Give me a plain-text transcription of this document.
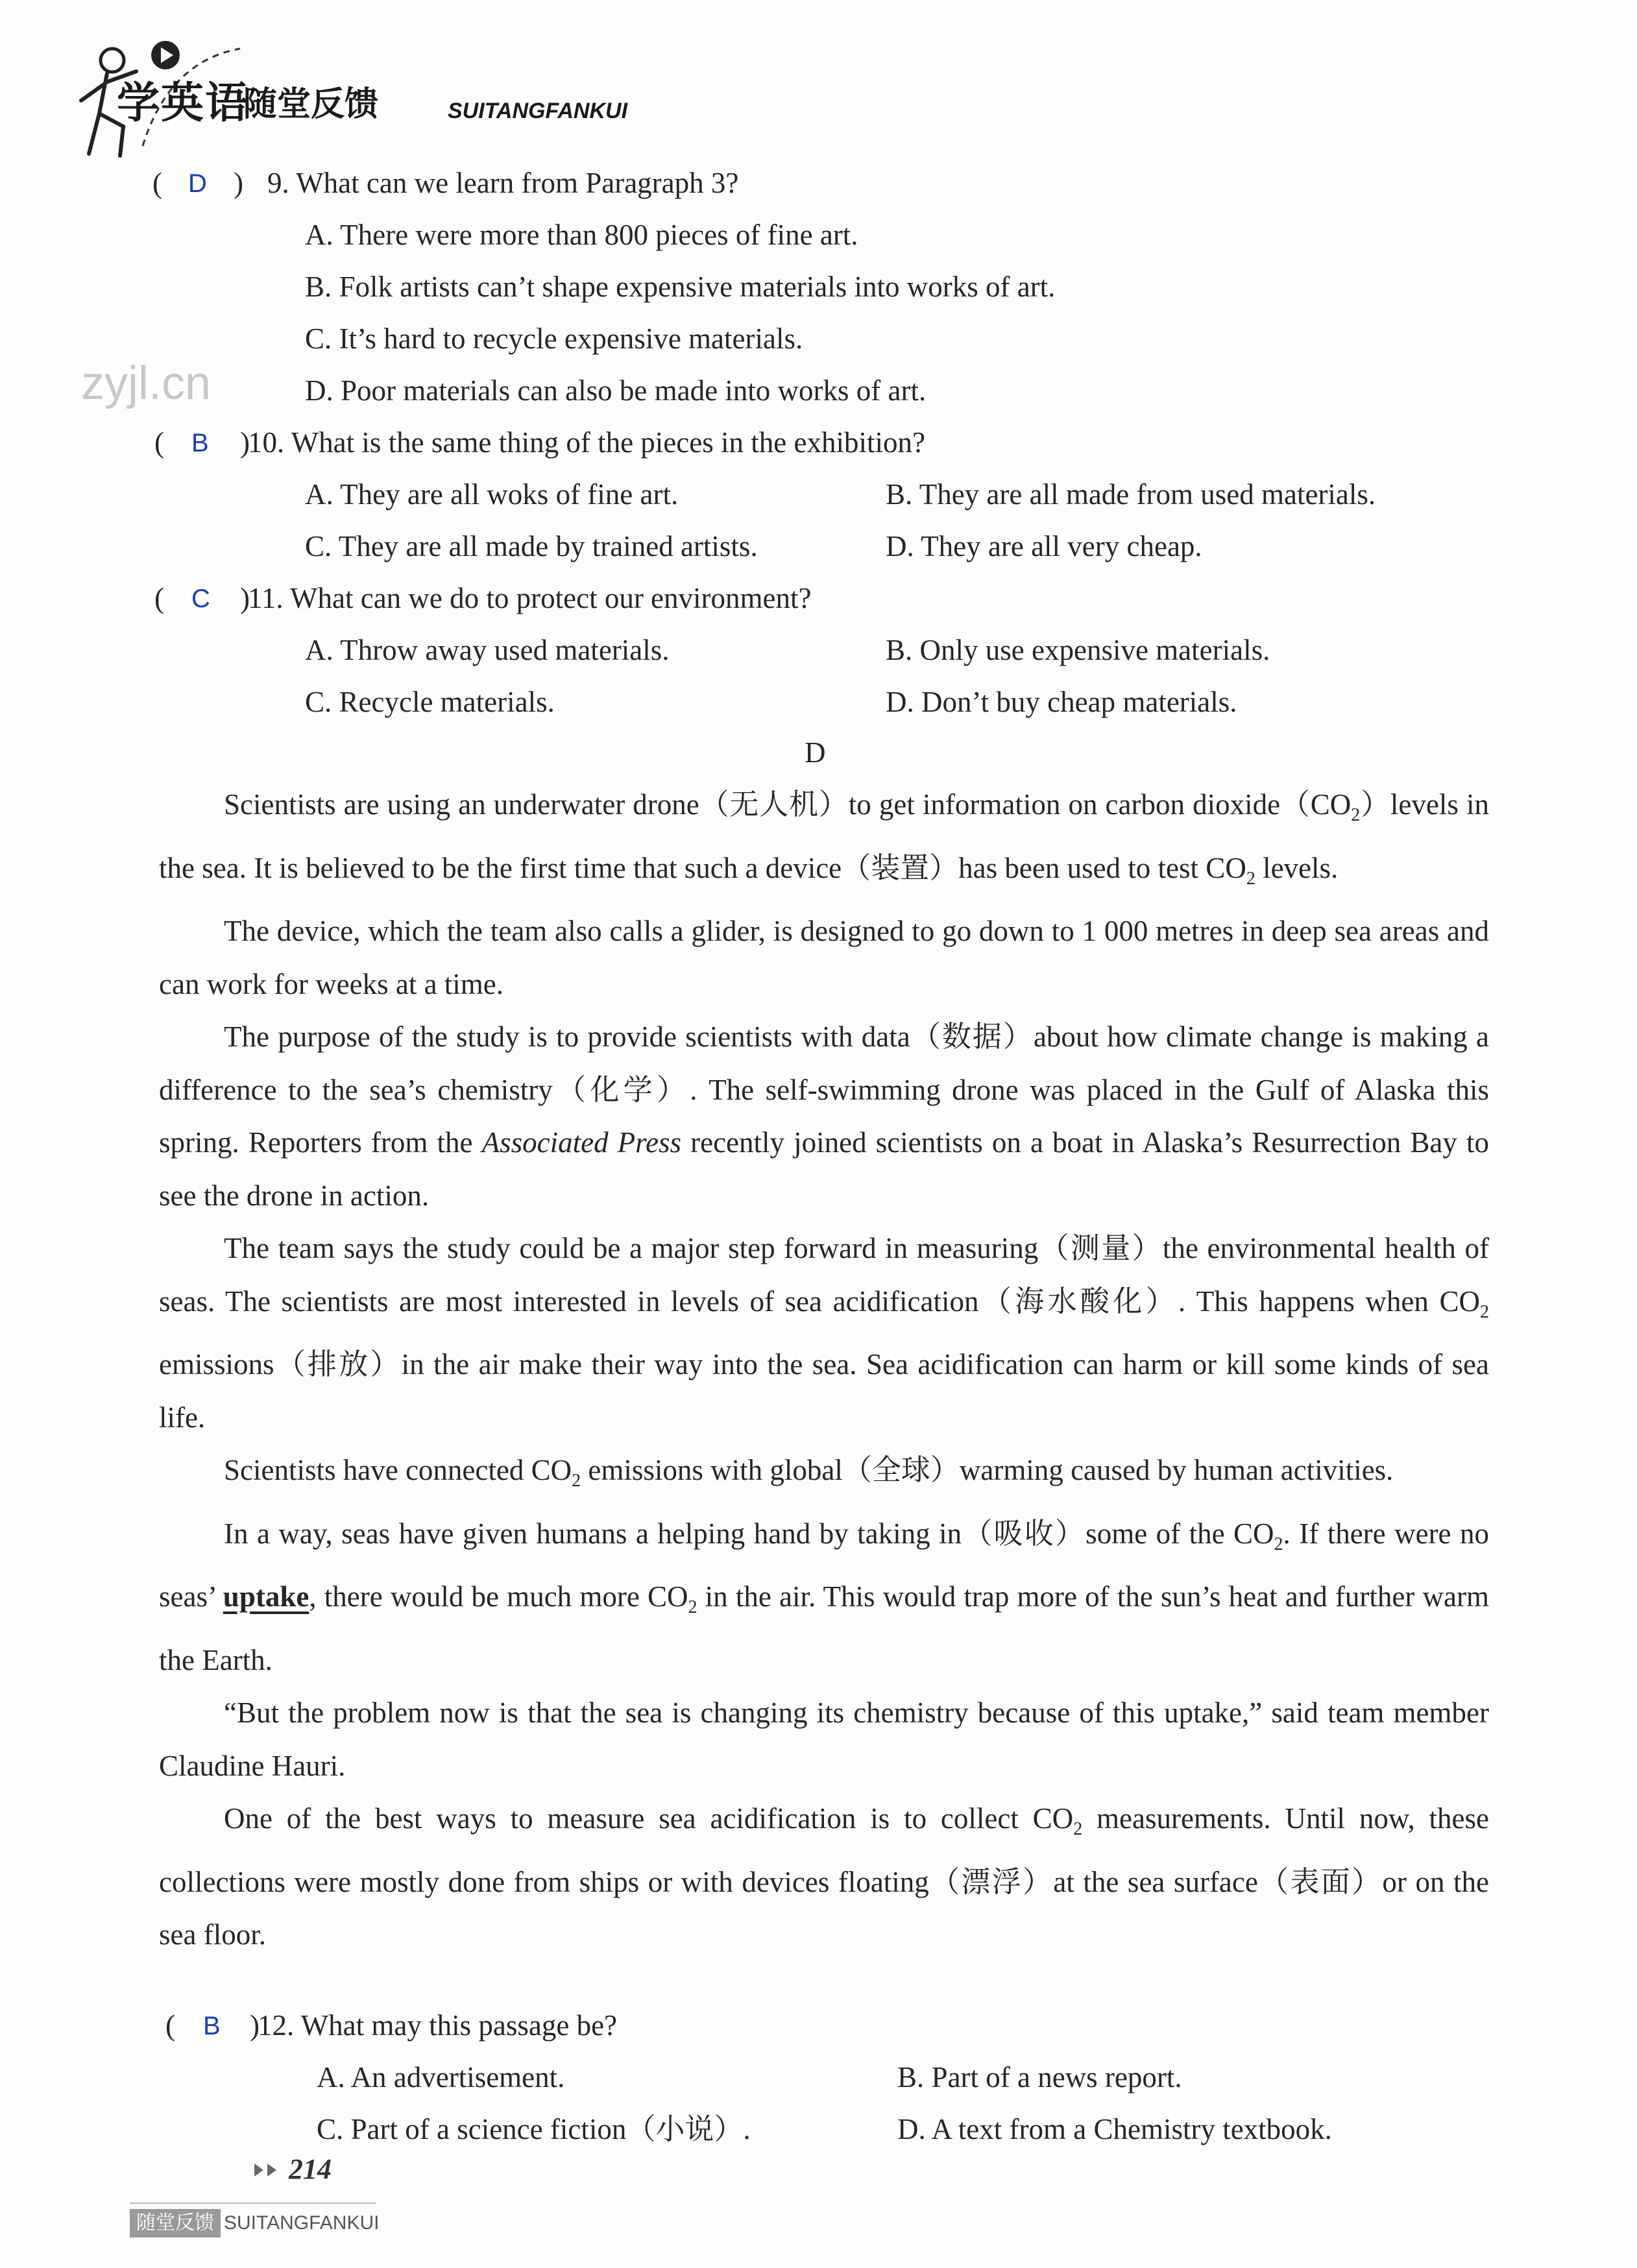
学英语
随堂反馈	SUITANGFANKUI
zyjl.cn
( D ) 9. What can we learn from Paragraph 3?
A. There were more than 800 pieces of fine art.
B. Folk artists can’t shape expensive materials into works of art.
C. It’s hard to recycle expensive materials.
D. Poor materials can also be made into works of art.
( B )
10. What is the same thing of the pieces in the exhibition?
A. They are all woks of fine art.	B. They are all made from used materials.
C. They are all made by trained artists.	D. They are all very cheap.
( C )
11. What can we do to protect our environment?
A. Throw away used materials.	B. Only use expensive materials.
C. Recycle materials.	D. Don’t buy cheap materials.
D

Scientists are using an underwater drone（无人机）to get information on carbon $dioxide(CO_2)levels$ in the sea. It is believed to be the first time that such a device（装置）has been used to test $CO_2$ levels.

The device, which the team also calls a glider, is designed to go down to 1 000 metres in deep sea areas and can work for weeks at a time.

The purpose of the study is to provide scientists with data（数据）about how climate change is making a difference to the sea’s chemistry（化学）. The self-swimming drone was placed in the Gulf of Alaska this spring. Reporters from the Associated Press recently joined scientists on a boat in Alaska’s Resurrection Bay to see the drone in action.

The team says the study could be a major step forward in measuring（测量）the environmental health of seas. The scientists are most interested in levels of sea acidification（海水酸化）. This happens when $CO_2$ emissions（排放）in the air make their way into the sea. Sea acidification can harm or kill some kinds of sea life.

Scientists have connected $CO_2$ emissions with global（全球）warming caused by human activities.

In a way, seas have given humans a helping hand by taking in（吸收）some of the $CO_2$. If there were no seas’ uptake, there would be much more $CO_2$ in the air. This would trap more of the sun’s heat and further warm the Earth.

“But the problem now is that the sea is changing its chemistry because of this uptake,” said team member Claudine Hauri.

One of the best ways to measure sea acidification is to collect $CO_2$ measurements. Until now, these collections were mostly done from ships or with devices floating（漂浮）at the sea surface（表面）or on the sea floor.

( B )
12. What may this passage be?
A. An advertisement.	B. Part of a news report.
C. Part of a science fiction（小说）.	D. A text from a Chemistry textbook.
214
随堂反馈 SUITANGFANKUI
